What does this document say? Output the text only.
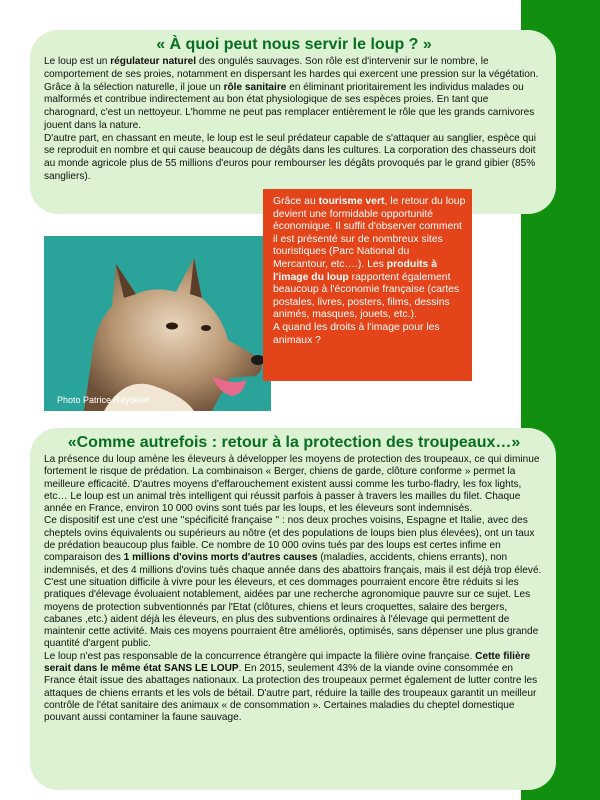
« À quoi peut nous servir le loup ? »

Le loup est un régulateur naturel des ongulés sauvages. Son rôle est d'intervenir sur le nombre, le comportement de ses proies, notamment en dispersant les hardes qui exercent une pression sur la végétation. Grâce à la sélection naturelle, il joue un rôle sanitaire en éliminant prioritairement les individus malades ou malformés et contribue indirectement au bon état physiologique de ses espèces proies. En tant que charognard, c'est un nettoyeur. L'homme ne peut pas remplacer entièrement le rôle que les grands carnivores jouent dans la nature.

D'autre part, en chassant en meute, le loup est le seul prédateur capable de s'attaquer au sanglier, espèce qui se reproduit en nombre et qui cause beaucoup de dégâts dans les cultures. La corporation des chasseurs doit au monde agricole plus de 55 millions d'euros pour rembourser les dégâts provoqués par le grand gibier (85% sangliers).

Photo Patrice Raydelet

Grâce au tourisme vert, le retour du loup devient une formidable opportunité économique. Il suffit d'observer comment il est présenté sur de nombreux sites touristiques (Parc National du Mercantour, etc….). Les produits à l'image du loup rapportent également beaucoup à l'économie française (cartes postales, livres, posters, films, dessins animés, masques, jouets, etc.).

A quand les droits à l'image pour les animaux ?

«Comme autrefois : retour à la protection des troupeaux…»

La présence du loup amène les éleveurs à développer les moyens de protection des troupeaux, ce qui diminue fortement le risque de prédation. La combinaison « Berger, chiens de garde, clôture conforme » permet la meilleure efficacité. D'autres moyens d'effarouchement existent aussi comme les turbo-fladry, les fox lights, etc… Le loup est un animal très intelligent qui réussit parfois à passer à travers les mailles du filet. Chaque année en France, environ 10 000 ovins sont tués par les loups, et les éleveurs sont indemnisés.

Ce dispositif est une c'est une ''spécificité française '' : nos deux proches voisins, Espagne et Italie, avec des cheptels ovins équivalents ou supérieurs au nôtre (et des populations de loups bien plus élevées), ont un taux de prédation beaucoup plus faible. Ce nombre de 10 000 ovins tués par des loups est certes infime en comparaison des 1 millions d'ovins morts d'autres causes (maladies, accidents, chiens errants), non indemnisés, et des 4 millions d'ovins tués chaque année dans des abattoirs français, mais il est déjà trop élevé. C'est une situation difficile à vivre pour les éleveurs, et ces dommages pourraient encore être réduits si les pratiques d'élevage évoluaient notablement, aidées par une recherche agronomique pauvre sur ce sujet. Les moyens de protection subventionnés par l'Etat (clôtures, chiens et leurs croquettes, salaire des bergers, cabanes ,etc.) aident déjà les éleveurs, en plus des subventions ordinaires à l'élevage qui permettent de maintenir cette activité. Mais ces moyens pourraient être améliorés, optimisés, sans dépenser une plus grande quantité d'argent public.

Le loup n'est pas responsable de la concurrence étrangère qui impacte la filière ovine française. Cette filière serait dans le même état SANS LE LOUP. En 2015, seulement 43% de la viande ovine consommée en France était issue des abattages nationaux. La protection des troupeaux permet également de lutter contre les attaques de chiens errants et les vols de bétail. D'autre part, réduire la taille des troupeaux garantit un meilleur contrôle de l'état sanitaire des animaux « de consommation ». Certaines maladies du cheptel domestique pouvant aussi contaminer la faune sauvage.
